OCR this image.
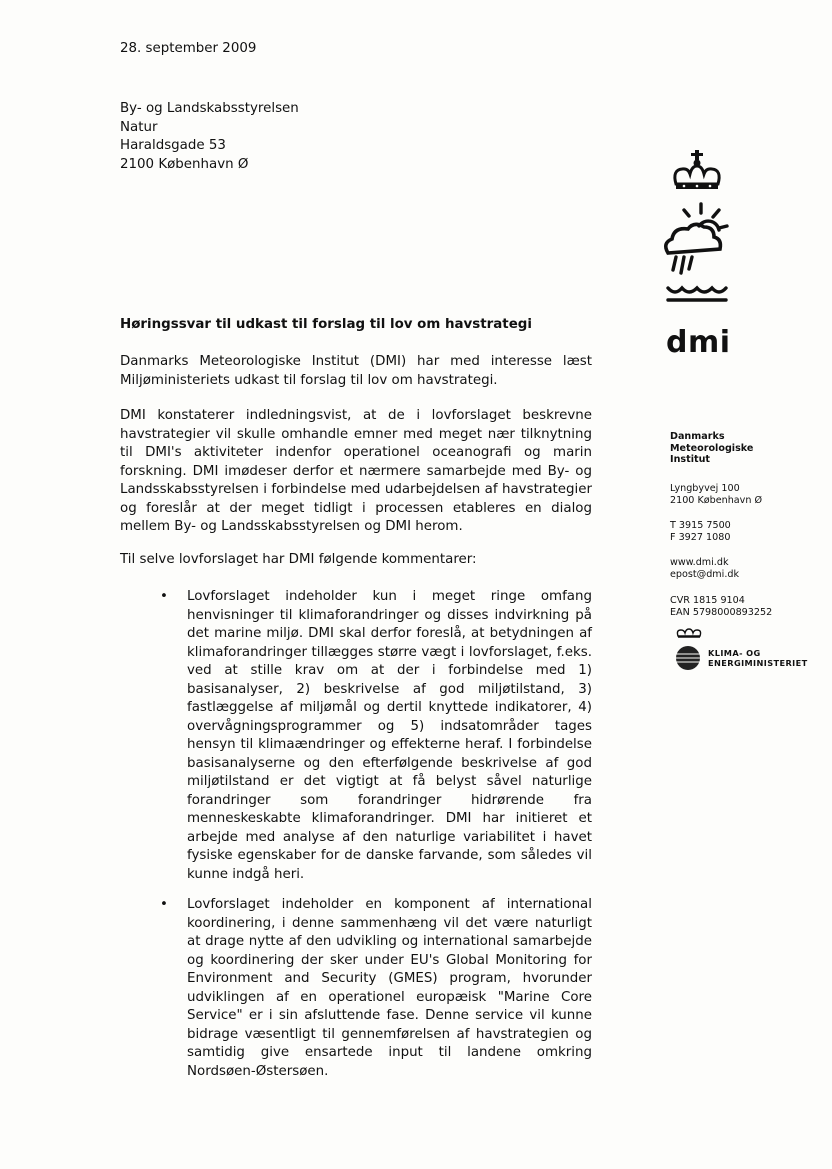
28. september 2009
By- og Landskabsstyrelsen
Natur
Haraldsgade 53
2100 København Ø
Høringssvar til udkast til forslag til lov om havstrategi
Danmarks Meteorologiske Institut (DMI) har med interesse læst Miljøministeriets udkast til forslag til lov om havstrategi.
DMI konstaterer indledningsvist, at de i lovforslaget beskrevne havstrategier vil skulle omhandle emner med meget nær tilknytning til DMI's aktiviteter indenfor operationel oceanografi og marin forskning. DMI imødeser derfor et nærmere samarbejde med By- og Landsskabsstyrelsen i forbindelse med udarbejdelsen af havstrategier og foreslår at der meget tidligt i processen etableres en dialog mellem By- og Landsskabsstyrelsen og DMI herom.
Til selve lovforslaget har DMI følgende kommentarer:
•	Lovforslaget indeholder kun i meget ringe omfang henvisninger til klimaforandringer og disses indvirkning på det marine miljø. DMI skal derfor foreslå, at betydningen af klimaforandringer tillægges større vægt i lovforslaget, f.eks. ved at stille krav om at der i forbindelse med 1) basisanalyser, 2) beskrivelse af god miljøtilstand, 3) fastlæggelse af miljømål og dertil knyttede indikatorer, 4) overvågningsprogrammer og 5) indsatområder tages hensyn til klimaændringer og effekterne heraf. I forbindelse basisanalyserne og den efterfølgende beskrivelse af god miljøtilstand er det vigtigt at få belyst såvel naturlige forandringer som forandringer hidrørende fra menneskeskabte klimaforandringer. DMI har initieret et arbejde med analyse af den naturlige variabilitet i havet fysiske egenskaber for de danske farvande, som således vil kunne indgå heri.
•	Lovforslaget indeholder en komponent af international koordinering, i denne sammenhæng vil det være naturligt at drage nytte af den udvikling og international samarbejde og koordinering der sker under EU's Global Monitoring for Environment and Security (GMES) program, hvorunder udviklingen af en operationel europæisk "Marine Core Service" er i sin afsluttende fase. Denne service vil kunne bidrage væsentligt til gennemførelsen af havstrategien og samtidig give ensartede input til landene omkring Nordsøen-Østersøen.
dmi
Danmarks
Meteorologiske
Institut
Lyngbyvej 100
2100 København Ø
T 3915 7500
F 3927 1080
www.dmi.dk
epost@dmi.dk
CVR 1815 9104
EAN 5798000893252
KLIMA- OG
ENERGIMINISTERIET
